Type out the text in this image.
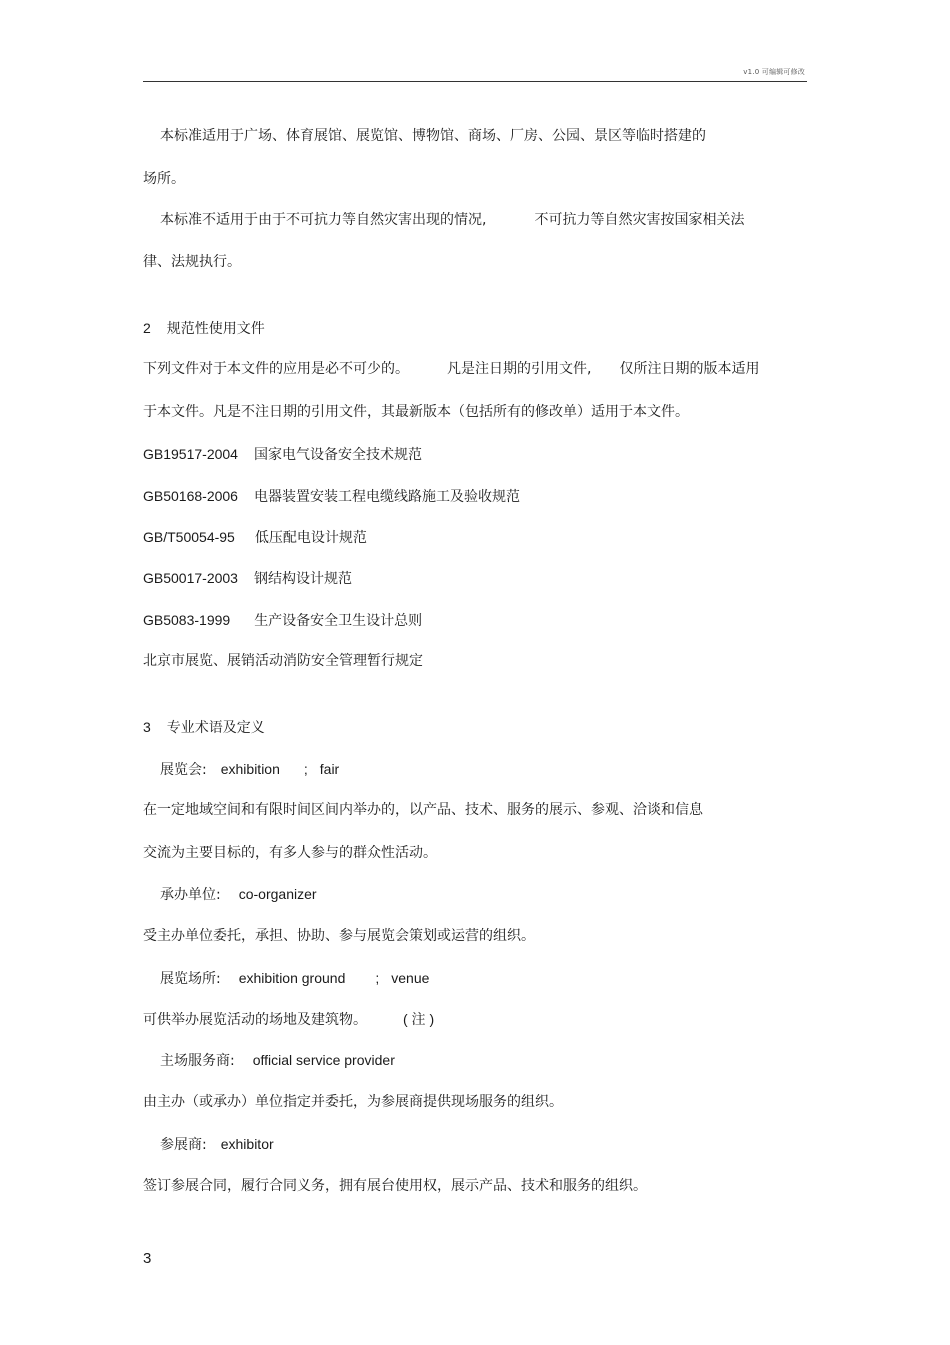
v1.0 可编辑可修改
本标准适用于广场、体育展馆、展览馆、博物馆、商场、厂房、公园、景区等临时搭建的
场所。
本标准不适用于由于不可抗力等自然灾害出现的情况,	不可抗力等自然灾害按国家相关法
律、法规执行。
2 规范性使用文件
下列文件对于本文件的应用是必不可少的。	凡是注日期的引用文件, 仅所注日期的版本适用
于本文件。凡是不注日期的引用文件，其最新版本（包括所有的修改单）适用于本文件。
GB19517-2004 国家电气设备安全技术规范
GB50168-2006 电器装置安装工程电缆线路施工及验收规范
GB/T50054-95 低压配电设计规范
GB50017-2003 钢结构设计规范
GB5083-1999 生产设备安全卫生设计总则
北京市展览、展销活动消防安全管理暂行规定
3 专业术语及定义
展览会: exhibition ; fair
在一定地域空间和有限时间区间内举办的，以产品、技术、服务的展示、参观、洽谈和信息
交流为主要目标的，有多人参与的群众性活动。
承办单位: co-organizer
受主办单位委托，承担、协助、参与展览会策划或运营的组织。
展览场所: exhibition ground ; venue
可供举办展览活动的场地及建筑物。	( 注 )
主场服务商: official service provider
由主办（或承办）单位指定并委托，为参展商提供现场服务的组织。
参展商: exhibitor
签订参展合同，履行合同义务，拥有展台使用权，展示产品、技术和服务的组织。
3
